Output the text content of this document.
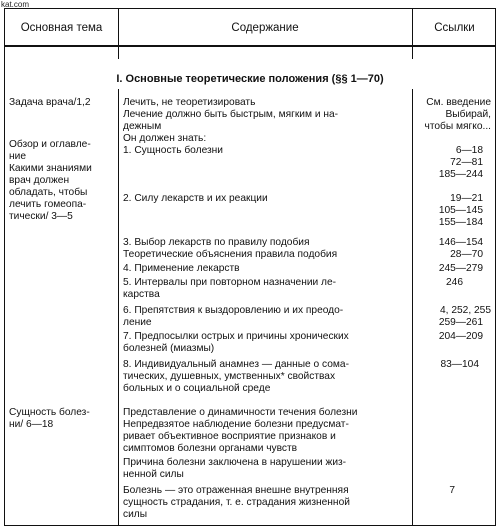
kat.com
Основная тема	Содержание	Ссылки
I. Основные теоретические положения (§§ 1—70)
Задача врача/1,2
Обзор и оглавле-
ние
Какими знаниями
врач должен
обладать, чтобы
лечить гомеопа-
тически/ 3—5
Сущность болез-
ни/ 6—18
Лечить, не теоретизировать
Лечение должно быть быстрым, мягким и на-
дежным
Он должен знать:
1. Сущность болезни
2. Силу лекарств и их реакции
3. Выбор лекарств по правилу подобия
Теоретические объяснения правила подобия
4. Применение лекарств
5. Интервалы при повторном назначении ле-
карства
6. Препятствия к выздоровлению и их преодо-
ление
7. Предпосылки острых и причины хронических
болезней (миазмы)
8. Индивидуальный анамнез — данные о сома-
тических, душевных, умственных* свойствах
больных и о социальной среде
Представление о динамичности течения болезни
Непредвзятое наблюдение болезни предусмат-
ривает объективное восприятие признаков и
симптомов болезни органами чувств
Причина болезни заключена в нарушении жиз-
ненной силы
Болезнь — это отраженная внешне внутренняя
сущность страдания, т. е. страдания жизненной
силы
См. введение
Выбирай,
чтобы мягко...
6—18
72—81
185—244
19—21
105—145
155—184
146—154
28—70
245—279
246
4, 252, 255
259—261
204—209
83—104
7
